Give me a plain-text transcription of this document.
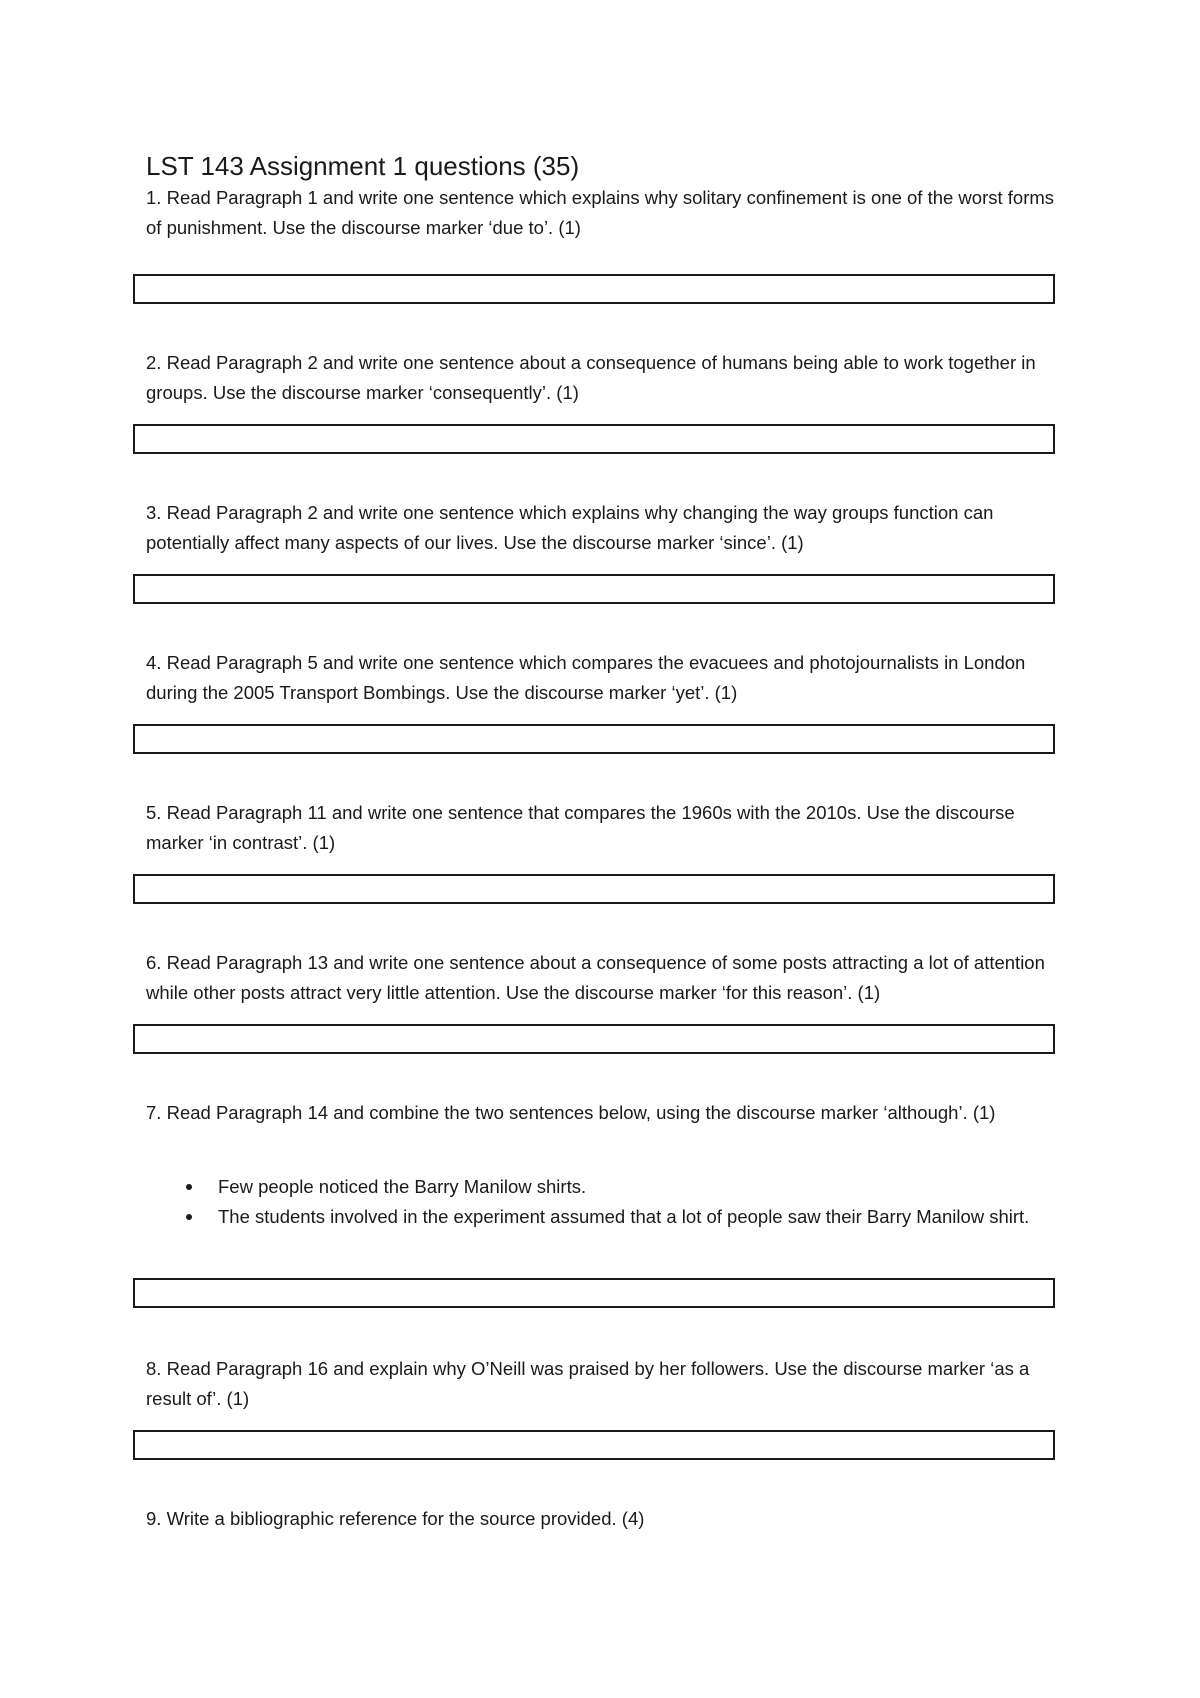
LST 143 Assignment 1 questions (35)
1. Read Paragraph 1 and write one sentence which explains why solitary confinement is one of the worst forms of punishment. Use the discourse marker ‘due to’. (1)
2. Read Paragraph 2 and write one sentence about a consequence of humans being able to work together in groups. Use the discourse marker ‘consequently’. (1)
3. Read Paragraph 2 and write one sentence which explains why changing the way groups function can potentially affect many aspects of our lives. Use the discourse marker ‘since’. (1)
4. Read Paragraph 5 and write one sentence which compares the evacuees and photojournalists in London during the 2005 Transport Bombings. Use the discourse marker ‘yet’. (1)
5. Read Paragraph 11 and write one sentence that compares the 1960s with the 2010s. Use the discourse marker ‘in contrast’. (1)
6. Read Paragraph 13 and write one sentence about a consequence of some posts attracting a lot of attention while other posts attract very little attention. Use the discourse marker ‘for this reason’. (1)
7. Read Paragraph 14 and combine the two sentences below, using the discourse marker ‘although’. (1)
Few people noticed the Barry Manilow shirts.
The students involved in the experiment assumed that a lot of people saw their Barry Manilow shirt.
8. Read Paragraph 16 and explain why O’Neill was praised by her followers. Use the discourse marker ‘as a result of’. (1)
9. Write a bibliographic reference for the source provided. (4)
